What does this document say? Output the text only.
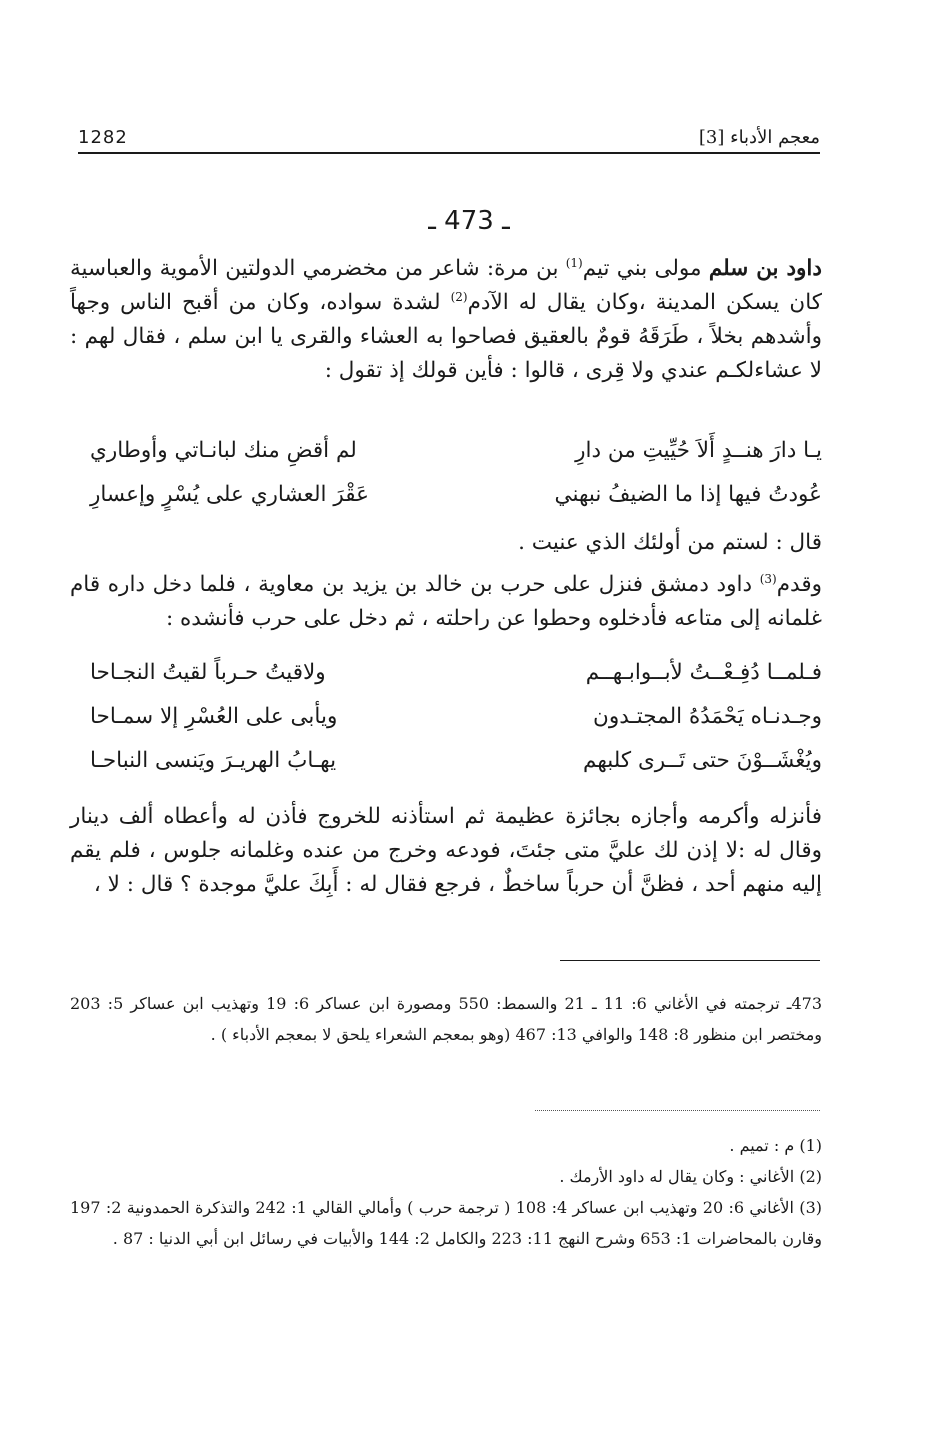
1282	معجم الأدباء [3]
ـ 473 ـ

داود بن سلم مولى بني تيم$^{(1)}$ بن مرة: شاعر من مخضرمي الدولتين الأموية والعباسية كان يسكن المدينة ،وكان يقال له الآدم$^{(2)}$ لشدة سواده، وكان من أقبح الناس وجهاً وأشدهم بخلاً ، طَرَقَهُ قومٌ بالعقيق فصاحوا به العشاء والقرى يا ابن سلم ، فقال لهم : لا عشاءلكـم عندي ولا قِرى ، قالوا : فأين قولك إذ تقول :

يـا دارَ هنــدٍ أَلاَ حُيِّيتِ من دارِ
لم أقضِ منك لبانـاتي وأوطاري
عُودتُ فيها إذا ما الضيفُ نبهني
عَقْرَ العشاري على يُسْرٍ وإعسارِ

قال : لستم من أولئك الذي عنيت .

وقدم$^{(3)}$ داود دمشق فنزل على حرب بن خالد بن يزيد بن معاوية ، فلما دخل داره قام غلمانه إلى متاعه فأدخلوه وحطوا عن راحلته ، ثم دخل على حرب فأنشده :

فـلمــا دُفِـعْــتُ لأبــوابـهــم
ولاقيتُ حـرباً لقيتُ النجـاحا
وجـدنـاه يَحْمَدُهُ المجتـدون
ويأبى على العُسْرِ إلا سمـاحا
ويُغْشَــوْنَ حتى تَــرى كلبهم
يهـابُ الهريـرَ ويَنسى النباحـا

فأنزله وأكرمه وأجازه بجائزة عظيمة ثم استأذنه للخروج فأذن له وأعطاه ألف دينار وقال له :لا إذن لك عليَّ متى جئتَ، فودعه وخرج من عنده وغلمانه جلوس ، فلم يقم إليه منهم أحد ، فظنَّ أن حرباً ساخطٌ ، فرجع فقال له : أَبِكَ عليَّ موجدة ؟ قال : لا ،

473ـ ترجمته في الأغاني 6: 11 ـ 21 والسمط: 550 ومصورة ابن عساكر 6: 19 وتهذيب ابن عساكر 5: 203 ومختصر ابن منظور 8: 148 والوافي 13: 467 (وهو بمعجم الشعراء يلحق لا بمعجم الأدباء ) .

(1) م : تميم .

(2) الأغاني : وكان يقال له داود الأرمك .

(3) الأغاني 6: 20 وتهذيب ابن عساكر 4: 108 ( ترجمة حرب ) وأمالي القالي 1: 242 والتذكرة الحمدونية 2: 197 وقارن بالمحاضرات 1: 653 وشرح النهج 11: 223 والكامل 2: 144 والأبيات في رسائل ابن أبي الدنيا : 87 .
